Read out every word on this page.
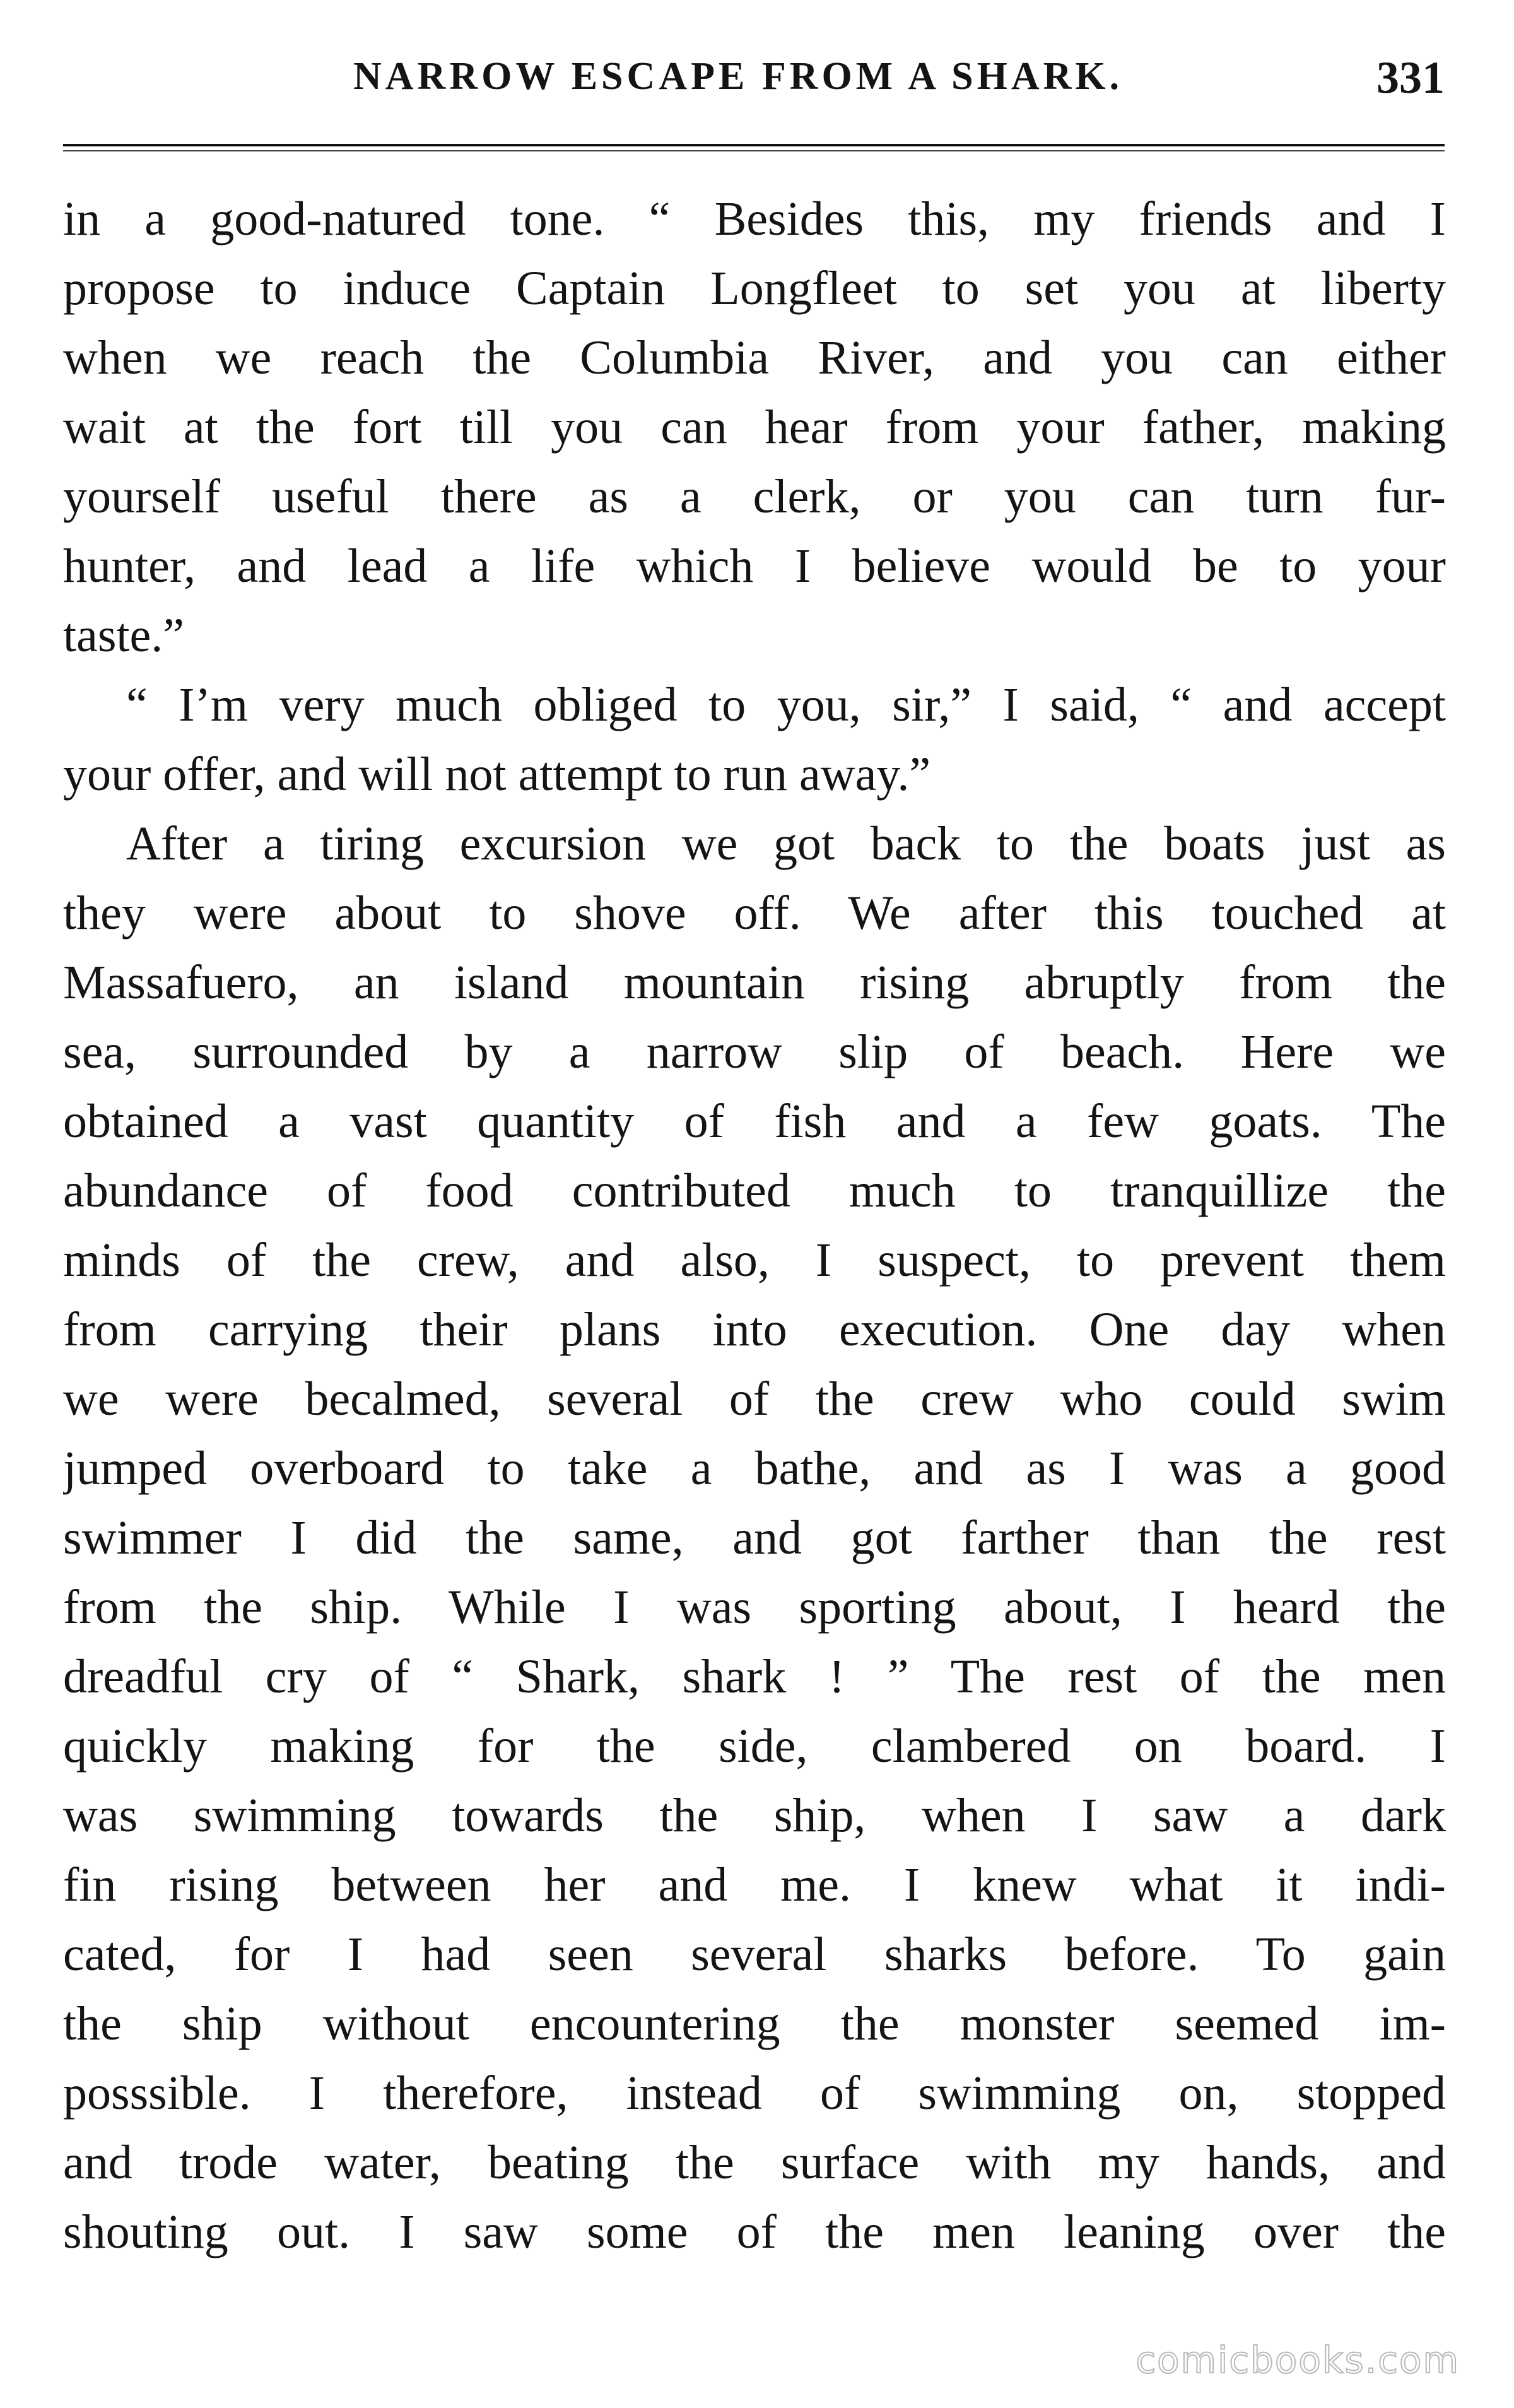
NARROW ESCAPE FROM A SHARK.	331
in a good-natured tone. “ Besides this, my friends and I
propose to induce Captain Longfleet to set you at liberty
when we reach the Columbia River, and you can either
wait at the fort till you can hear from your father, making
yourself useful there as a clerk, or you can turn fur-
hunter, and lead a life which I believe would be to your
taste.”
“ I’m very much obliged to you, sir,” I said, “ and accept
your offer, and will not attempt to run away.”
After a tiring excursion we got back to the boats just as
they were about to shove off. We after this touched at
Massafuero, an island mountain rising abruptly from the
sea, surrounded by a narrow slip of beach. Here we
obtained a vast quantity of fish and a few goats. The
abundance of food contributed much to tranquillize the
minds of the crew, and also, I suspect, to prevent them
from carrying their plans into execution. One day when
we were becalmed, several of the crew who could swim
jumped overboard to take a bathe, and as I was a good
swimmer I did the same, and got farther than the rest
from the ship. While I was sporting about, I heard the
dreadful cry of “ Shark, shark ! ” The rest of the men
quickly making for the side, clambered on board. I
was swimming towards the ship, when I saw a dark
fin rising between her and me. I knew what it indi-
cated, for I had seen several sharks before. To gain
the ship without encountering the monster seemed im-
posssible. I therefore, instead of swimming on, stopped
and trode water, beating the surface with my hands, and
shouting out. I saw some of the men leaning over the
comicbooks.com
